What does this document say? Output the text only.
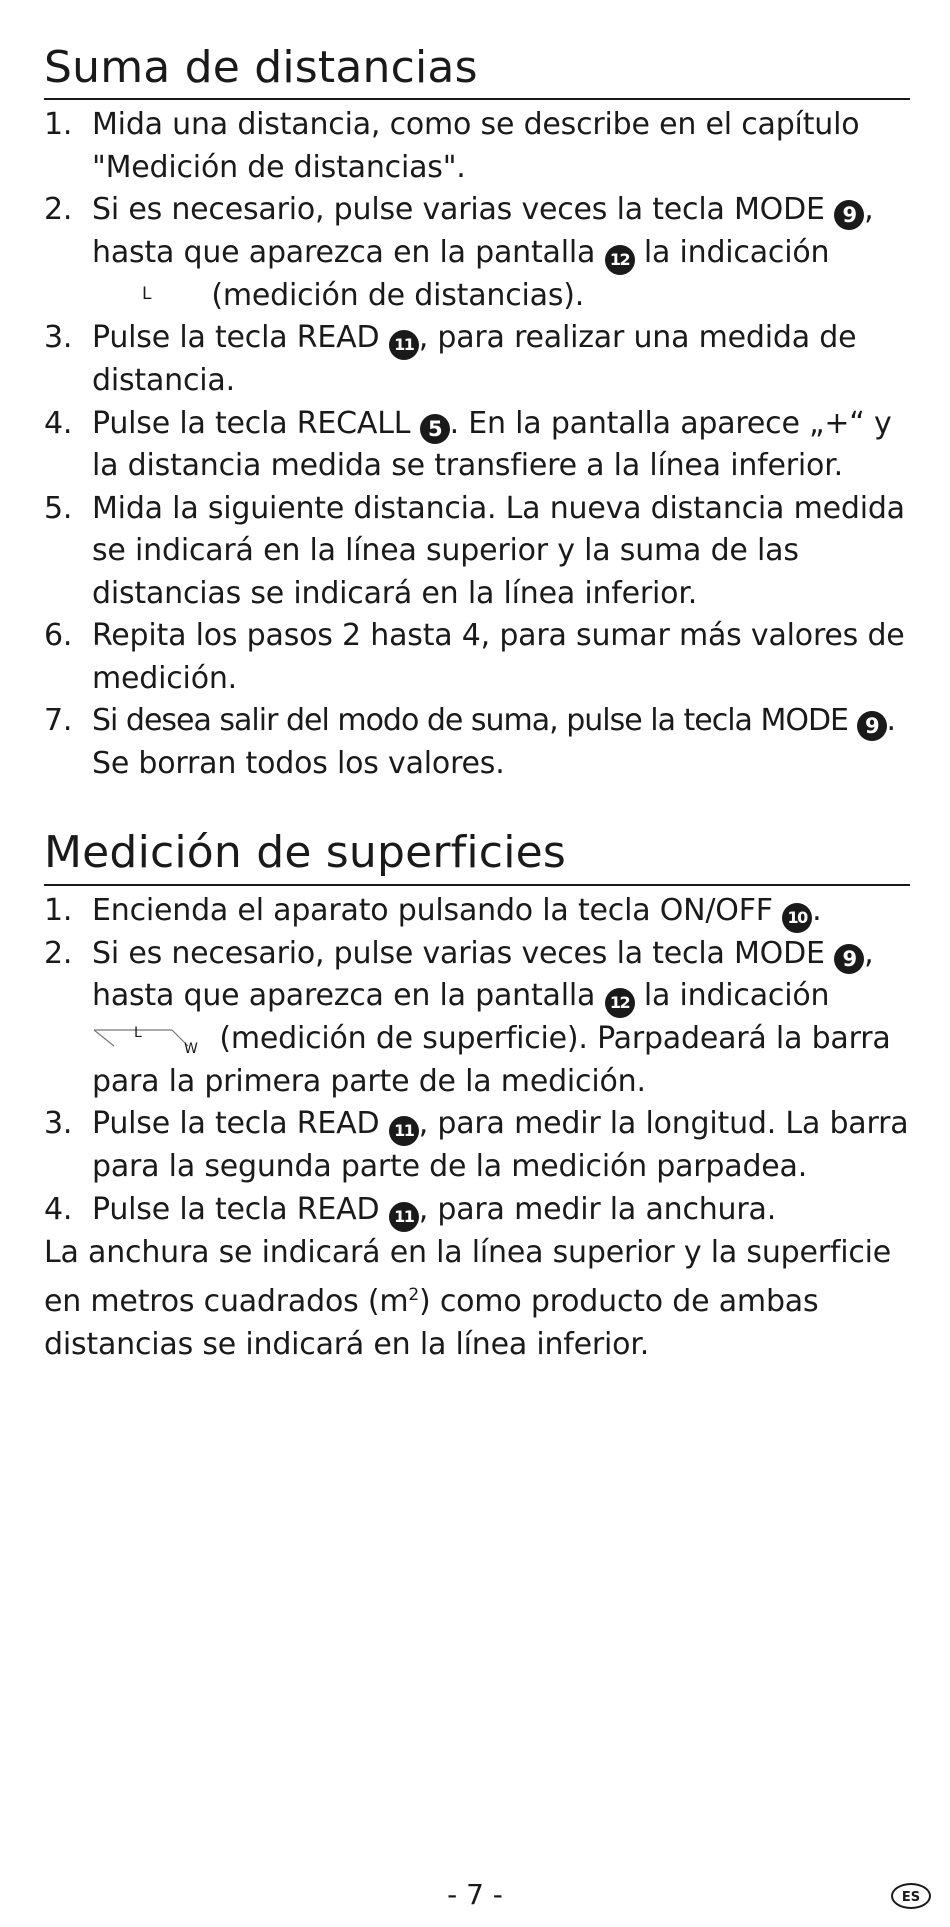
Suma de distancias
1. Mida una distancia, como se describe en el capítulo "Medición de distancias".
2. Si es necesario, pulse varias veces la tecla MODE 9 , hasta que aparezca en la pantalla 12 la indicación
L (medición de distancias).
3. Pulse la tecla READ 11 , para realizar una medida de distancia.
4. Pulse la tecla RECALL 5 . En la pantalla aparece „+“ y la distancia medida se transfiere a la línea inferior.
5. Mida la siguiente distancia. La nueva distancia medida se indicará en la línea superior y la suma de las distancias se indicará en la línea inferior.
6. Repita los pasos 2 hasta 4, para sumar más valores de medición.
7. Si desea salir del modo de suma, pulse la tecla MODE 9 .
Se borran todos los valores.
Medición de superficies
1. Encienda el aparato pulsando la tecla ON/OFF 10 .
2. Si es necesario, pulse varias veces la tecla MODE 9 , hasta que aparezca en la pantalla 12 la indicación
L
W (medición de superficie). Parpadeará la barra para la primera parte de la medición.
3. Pulse la tecla READ 11 , para medir la longitud. La barra para la segunda parte de la medición parpadea.
4. Pulse la tecla READ 11 , para medir la anchura.

La anchura se indicará en la línea superior y la superficie en metros cuadrados $(m^2)$ como producto de ambas distancias se indicará en la línea inferior.

- 7 -	ES
